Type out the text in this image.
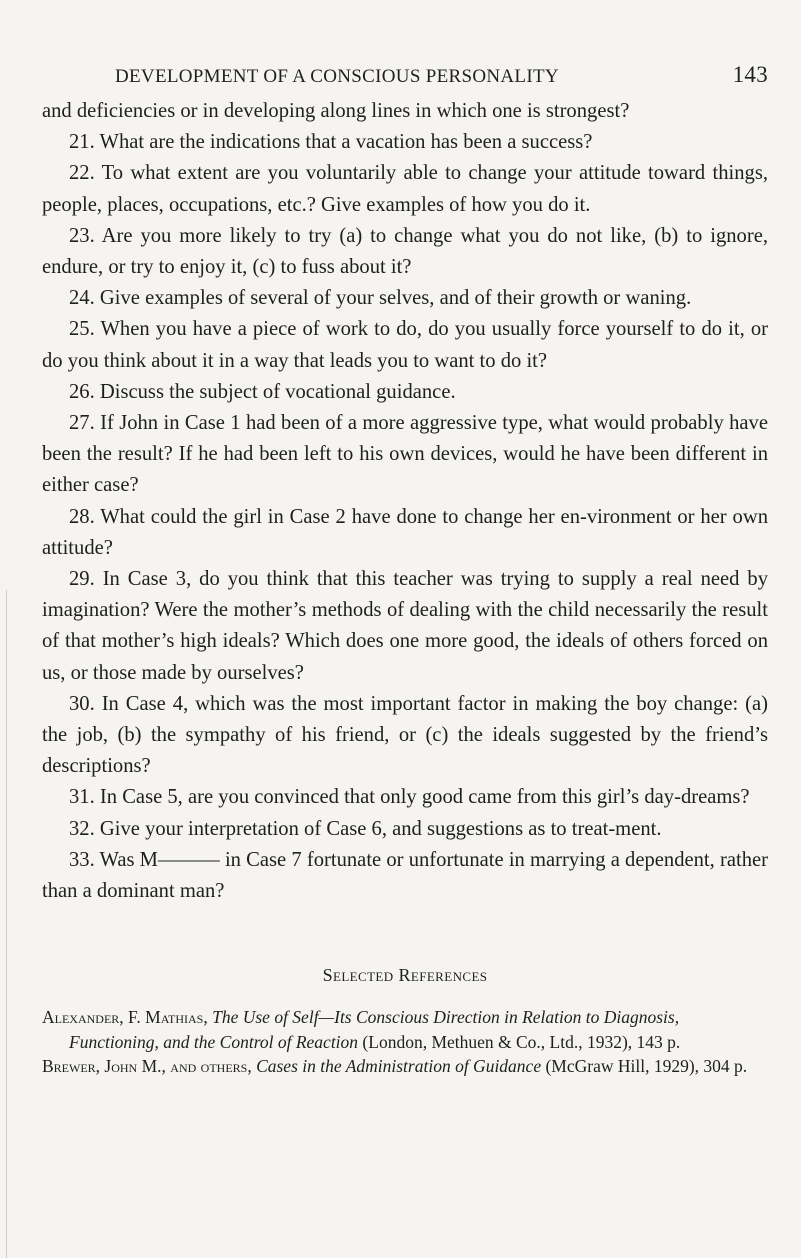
DEVELOPMENT OF A CONSCIOUS PERSONALITY	143

and deficiencies or in developing along lines in which one is strongest?

21. What are the indications that a vacation has been a success?

22. To what extent are you voluntarily able to change your attitude toward things, people, places, occupations, etc.? Give examples of how you do it.

23. Are you more likely to try (a) to change what you do not like, (b) to ignore, endure, or try to enjoy it, (c) to fuss about it?

24. Give examples of several of your selves, and of their growth or waning.

25. When you have a piece of work to do, do you usually force yourself to do it, or do you think about it in a way that leads you to want to do it?

26. Discuss the subject of vocational guidance.

27. If John in Case 1 had been of a more aggressive type, what would probably have been the result? If he had been left to his own devices, would he have been different in either case?

28. What could the girl in Case 2 have done to change her en-vironment or her own attitude?

29. In Case 3, do you think that this teacher was trying to supply a real need by imagination? Were the mother’s methods of dealing with the child necessarily the result of that mother’s high ideals? Which does one more good, the ideals of others forced on us, or those made by ourselves?

30. In Case 4, which was the most important factor in making the boy change: (a) the job, (b) the sympathy of his friend, or (c) the ideals suggested by the friend’s descriptions?

31. In Case 5, are you convinced that only good came from this girl’s day-dreams?

32. Give your interpretation of Case 6, and suggestions as to treat-ment.

33. Was M——— in Case 7 fortunate or unfortunate in marrying a dependent, rather than a dominant man?

Selected References

Alexander, F. Mathias, The Use of Self—Its Conscious Direction in Relation to Diagnosis, Functioning, and the Control of Reaction (London, Methuen & Co., Ltd., 1932), 143 p.

Brewer, John M., and others, Cases in the Administration of Guidance (McGraw Hill, 1929), 304 p.
